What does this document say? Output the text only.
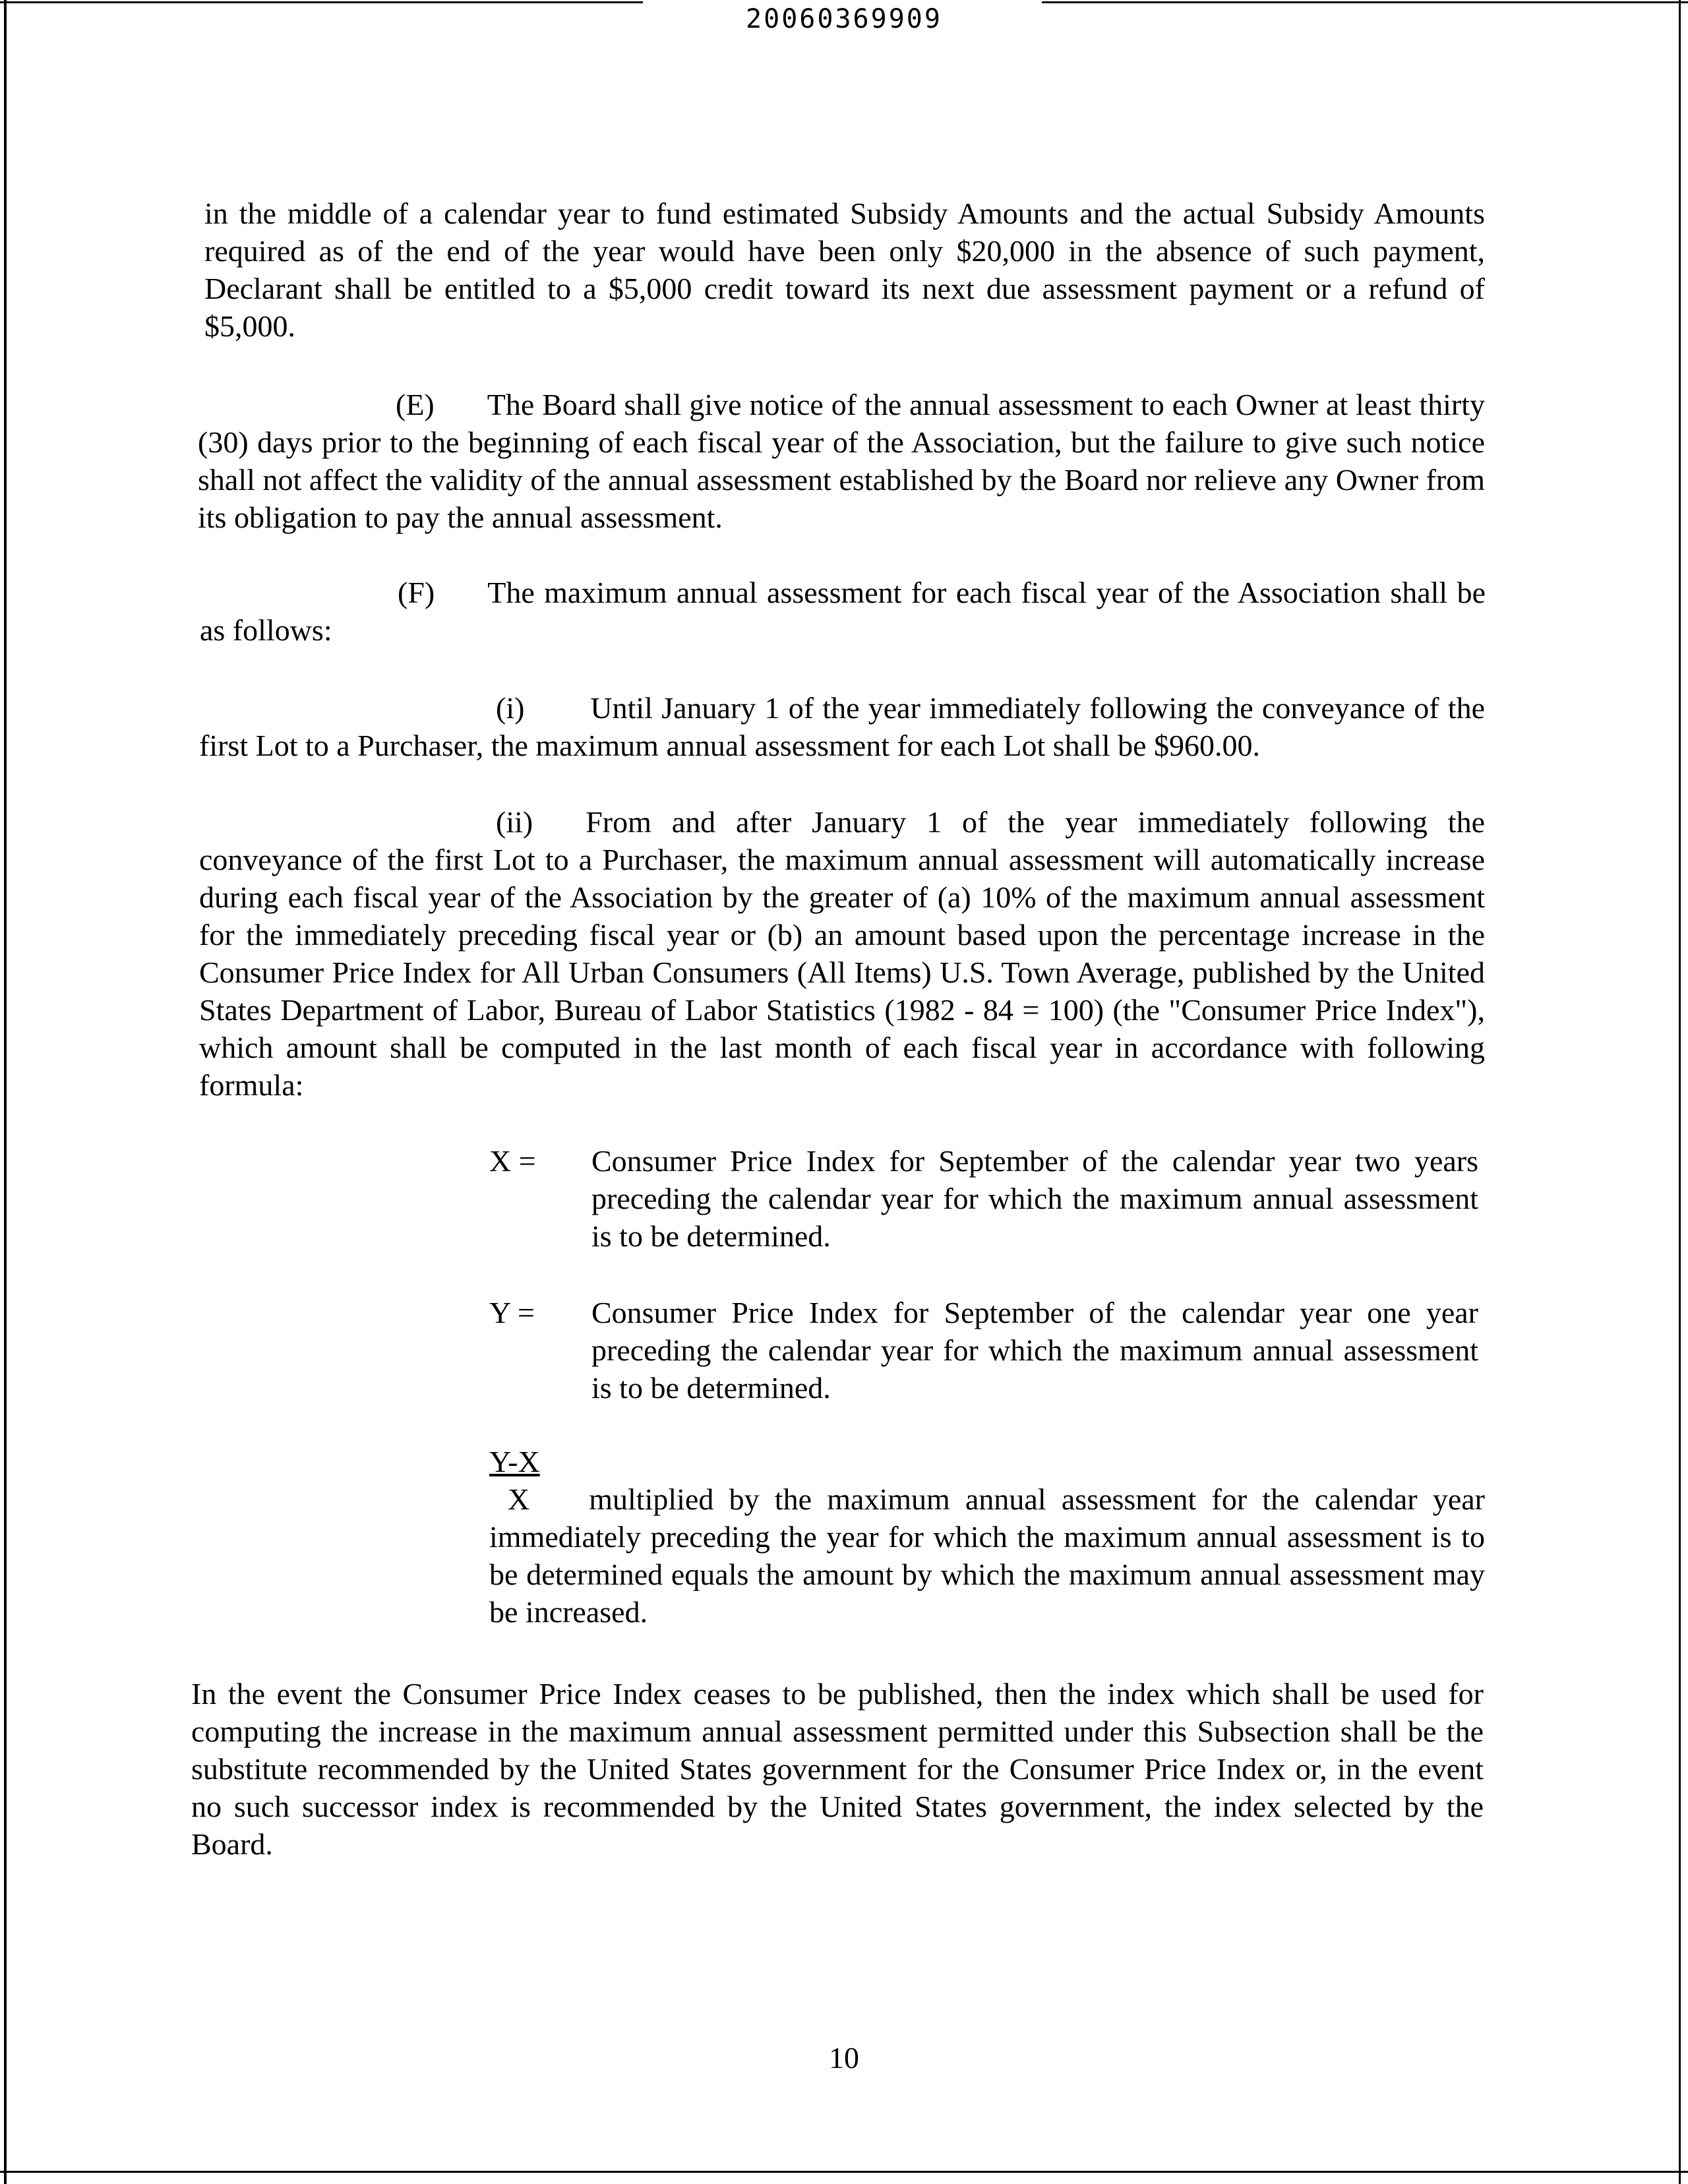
20060369909

in the middle of a calendar year to fund estimated Subsidy Amounts and the actual Subsidy Amounts required as of the end of the year would have been only $20,000 in the absence of such payment, Declarant shall be entitled to a $5,000 credit toward its next due assessment payment or a refund of $5,000.

(E) The Board shall give notice of the annual assessment to each Owner at least thirty (30) days prior to the beginning of each fiscal year of the Association, but the failure to give such notice shall not affect the validity of the annual assessment established by the Board nor relieve any Owner from its obligation to pay the annual assessment.

(F) The maximum annual assessment for each fiscal year of the Association shall be as follows:

(i) Until January 1 of the year immediately following the conveyance of the first Lot to a Purchaser, the maximum annual assessment for each Lot shall be $960.00.

(ii) From and after January 1 of the year immediately following the conveyance of the first Lot to a Purchaser, the maximum annual assessment will automatically increase during each fiscal year of the Association by the greater of (a) 10% of the maximum annual assessment for the immediately preceding fiscal year or (b) an amount based upon the percentage increase in the Consumer Price Index for All Urban Consumers (All Items) U.S. Town Average, published by the United States Department of Labor, Bureau of Labor Statistics (1982 - 84 = 100) (the "Consumer Price Index"), which amount shall be computed in the last month of each fiscal year in accordance with following formula:

X = Consumer Price Index for September of the calendar year two years preceding the calendar year for which the maximum annual assessment is to be determined.
Y = Consumer Price Index for September of the calendar year one year preceding the calendar year for which the maximum annual assessment is to be determined.
Y-X
X multiplied by the maximum annual assessment for the calendar year immediately preceding the year for which the maximum annual assessment is to be determined equals the amount by which the maximum annual assessment may be increased.

In the event the Consumer Price Index ceases to be published, then the index which shall be used for computing the increase in the maximum annual assessment permitted under this Subsection shall be the substitute recommended by the United States government for the Consumer Price Index or, in the event no such successor index is recommended by the United States government, the index selected by the Board.

10
